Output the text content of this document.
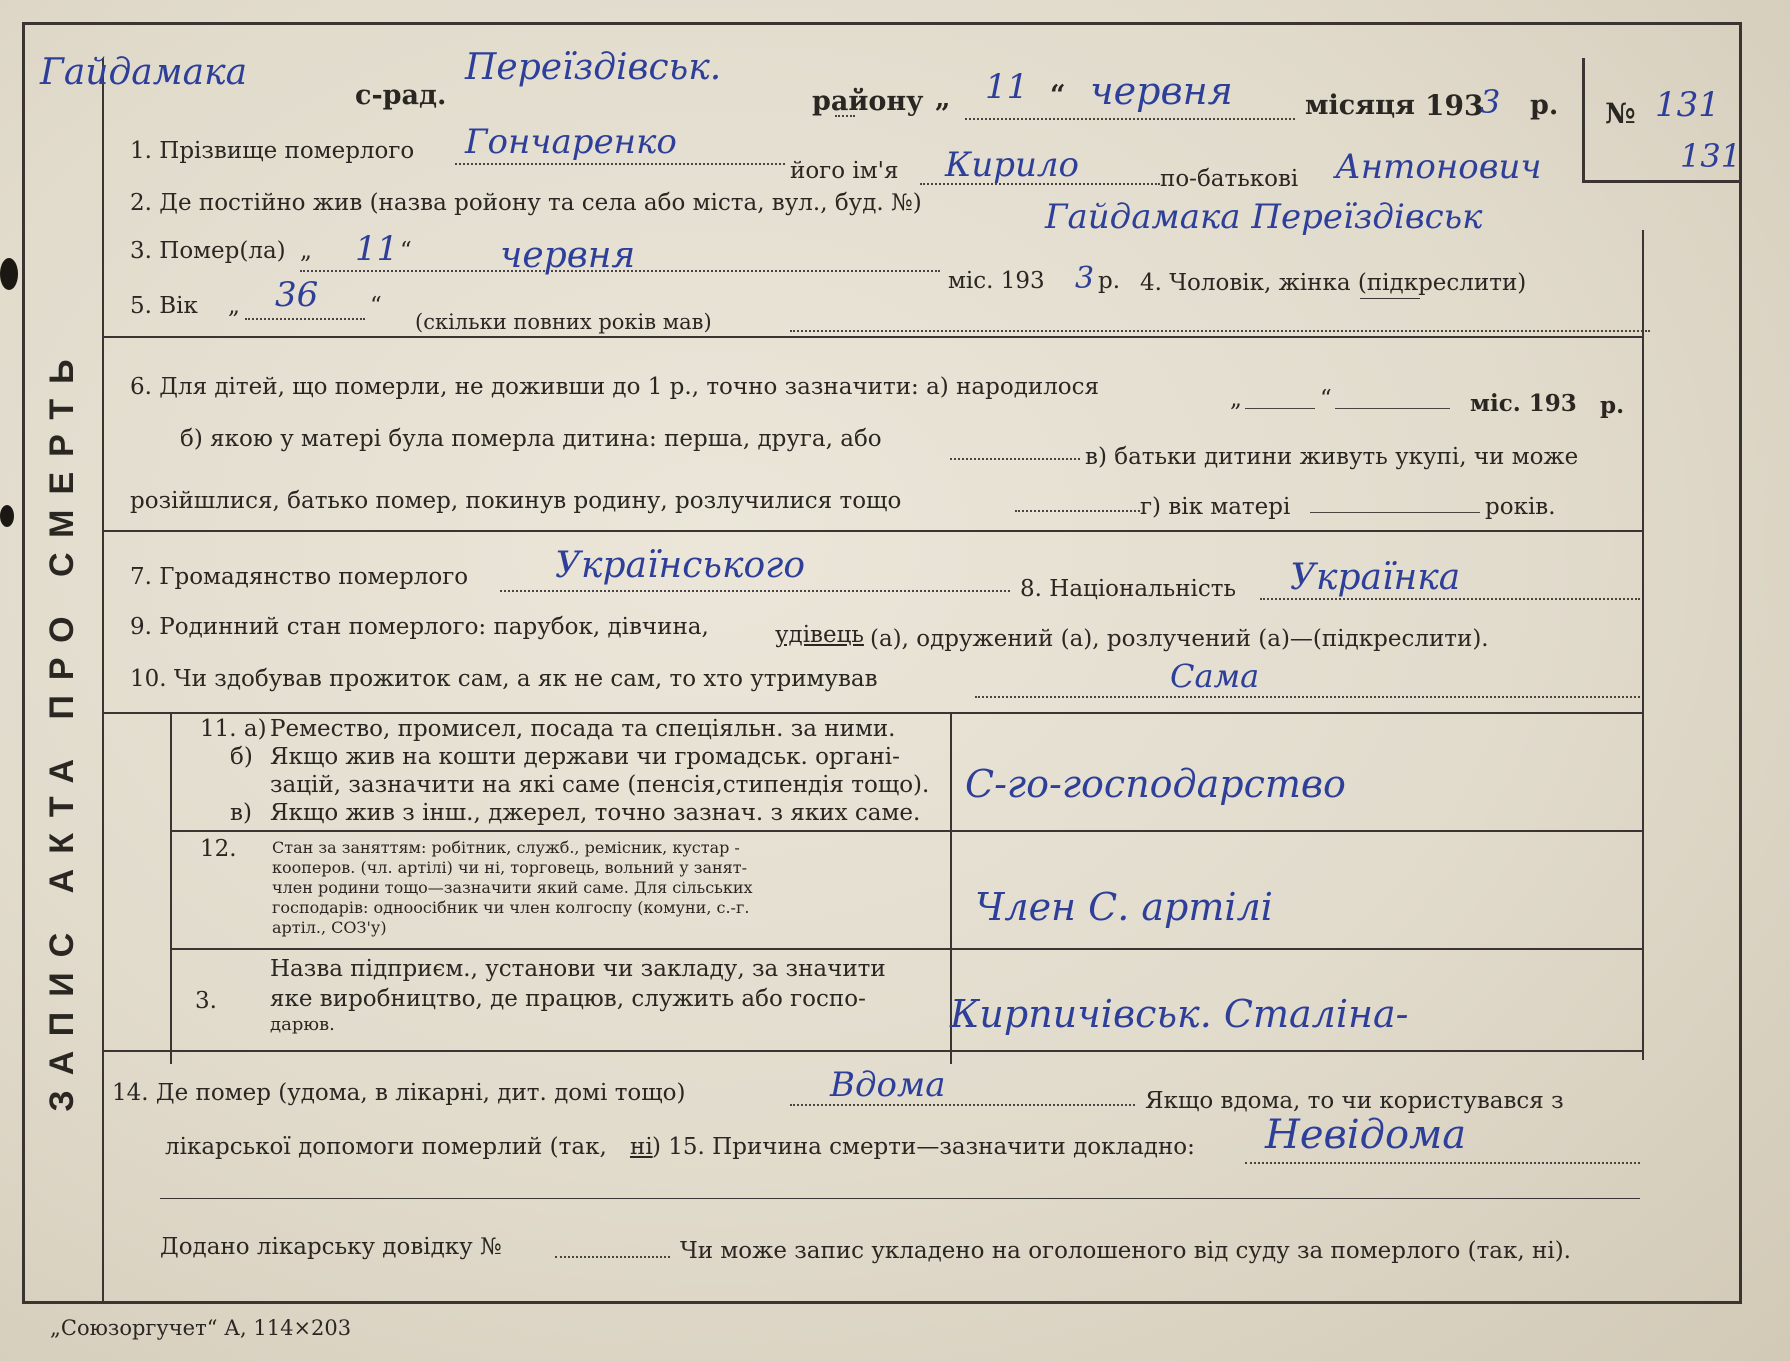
ЗАПИС АКТА ПРО СМЕРТЬ
№ 131
131
Гайдамака
с-рад.
Переїздівськ.
району „ 11 “ червня	місяця 193
3 р.
1. Прізвище померлого Гончаренко
його ім'я Кирило	по-батькові Антонович
2. Де постійно жив (назва ройону та села або міста, вул., буд. №)	Гайдамака Переїздівськ
3. Помер(ла) „ 11 “ червня
міс. 193 3 р. 4. Чоловік, жінка (підкреслити)
5. Вік „ 36 “
(скільки повних років мав)
6. Для дітей, що померли, не доживши до 1 р., точно зазначити: а) народилося	„	“	міс. 193 р.
б) якою у матері була померла дитина: перша, друга, або
в) батьки дитини живуть укупі, чи може
розійшлися, батько помер, покинув родину, розлучилися тощо	г) вік матері	років.
7. Громадянство померлого Українського
8. Національність Українка
9. Родинний стан померлого: парубок, дівчина,	удівець (а), одружений (а), розлучений (а)—(підкреслити).
10. Чи здобував прожиток сам, а як не сам, то хто утримував	Сама
11. а) Ремество, промисел, посада та спеціяльн. за ними.
б) Якщо жив на кошти держави чи громадськ. органі-
зацій, зазначити на які саме (пенсія,стипендія тощо).
в) Якщо жив з інш., джерел, точно зазнач. з яких саме.
С-го-господарство
12. Стан за заняттям: робітник, служб., ремісник, кустар -
кооперов. (чл. артілі) чи ні, торговець, вольний у занят-
член родини тощо—зазначити який саме. Для сільських
господарів: одноосібник чи член колгоспу (комуни, с.-г.
артіл., СОЗ'у)	Член С. артілі
3.
Назва підприєм., установи чи закладу, за значити
яке виробництво, де працюв, служить або госпо-
дарюв.	Кирпичівськ. Сталіна-
14. Де помер (удома, в лікарні, дит. домі тощо)	Вдома	Якщо вдома, то чи користувався з
лікарської допомоги померлий (так, ні ) 15. Причина смерти—зазначити докладно: Невідома
Додано лікарську довідку №	Чи може запис укладено на оголошеного від суду за померлого (так, ні).
„Союзоргучет“ А, 114×203
